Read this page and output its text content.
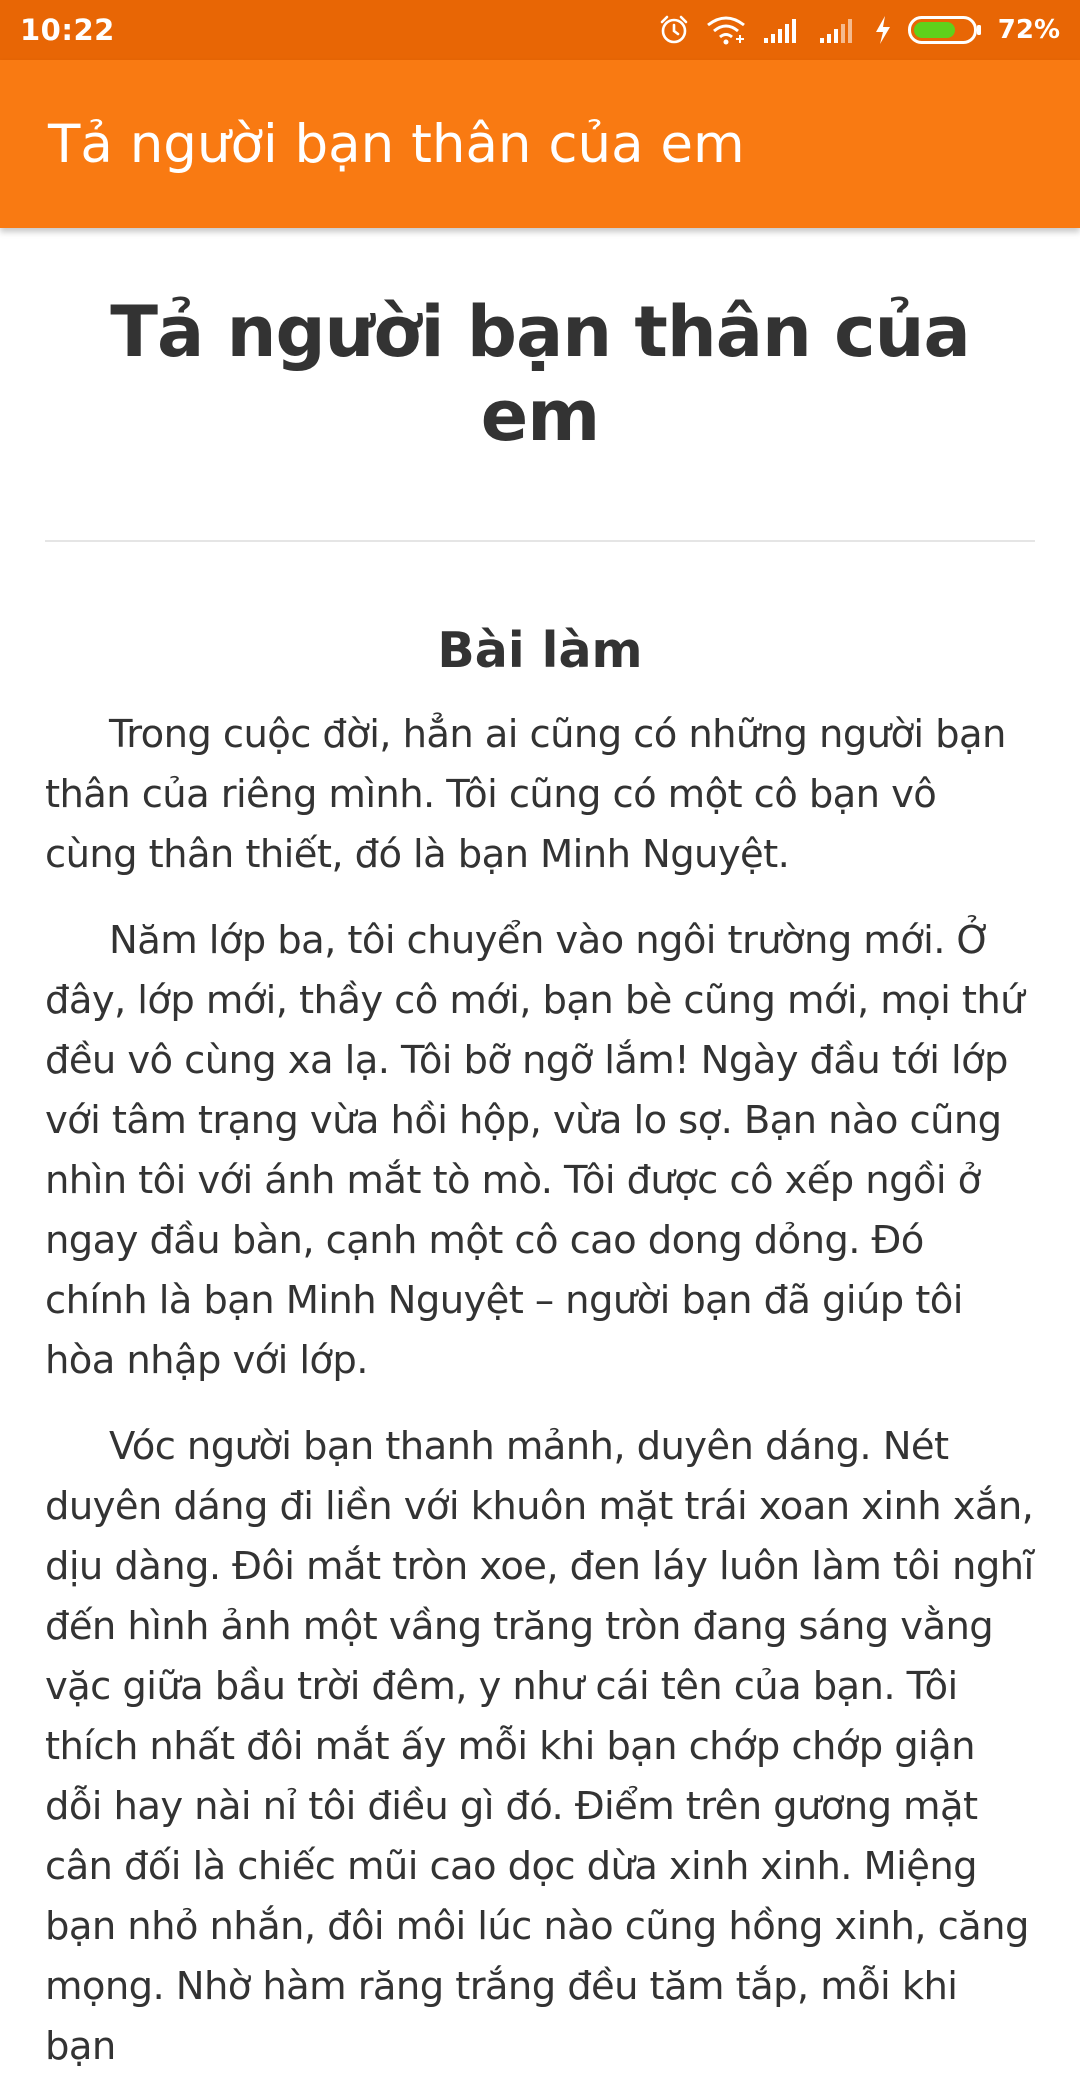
10:22	72%
Tả người bạn thân của em
Tả người bạn thân của em
Bài làm

Trong cuộc đời, hẳn ai cũng có những người bạn thân của riêng mình. Tôi cũng có một cô bạn vô cùng thân thiết, đó là bạn Minh Nguyệt.

Năm lớp ba, tôi chuyển vào ngôi trường mới. Ở đây, lớp mới, thầy cô mới, bạn bè cũng mới, mọi thứ đều vô cùng xa lạ. Tôi bỡ ngỡ lắm! Ngày đầu tới lớp với tâm trạng vừa hồi hộp, vừa lo sợ. Bạn nào cũng nhìn tôi với ánh mắt tò mò. Tôi được cô xếp ngồi ở ngay đầu bàn, cạnh một cô cao dong dỏng. Đó chính là bạn Minh Nguyệt – người bạn đã giúp tôi hòa nhập với lớp.

Vóc người bạn thanh mảnh, duyên dáng. Nét duyên dáng đi liền với khuôn mặt trái xoan xinh xắn, dịu dàng. Đôi mắt tròn xoe, đen láy luôn làm tôi nghĩ đến hình ảnh một vầng trăng tròn đang sáng vằng vặc giữa bầu trời đêm, y như cái tên của bạn. Tôi thích nhất đôi mắt ấy mỗi khi bạn chớp chớp giận dỗi hay nài nỉ tôi điều gì đó. Điểm trên gương mặt cân đối là chiếc mũi cao dọc dừa xinh xinh. Miệng bạn nhỏ nhắn, đôi môi lúc nào cũng hồng xinh, căng mọng. Nhờ hàm răng trắng đều tăm tắp, mỗi khi bạn
